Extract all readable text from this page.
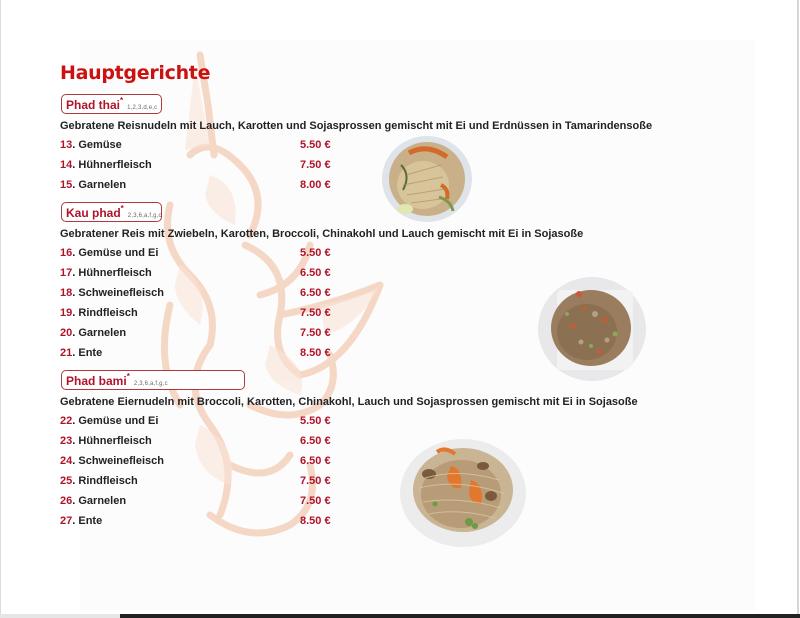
Hauptgerichte
Phad thai*1,2,3,d,e,c
Gebratene Reisnudeln mit Lauch, Karotten und Sojasprossen gemischt mit Ei und Erdnüssen in Tamarindensoße
13. Gemüse	5.50 €
14. Hühnerfleisch	7.50 €
15. Garnelen	8.00 €
Kau phad*2,3,6,a,f,g,c
Gebratener Reis mit Zwiebeln, Karotten, Broccoli, Chinakohl und Lauch gemischt mit Ei in Sojasoße
16. Gemüse und Ei	5.50 €
17. Hühnerfleisch	6.50 €
18. Schweinefleisch	6.50 €
19. Rindfleisch	7.50 €
20. Garnelen	7.50 €
21. Ente	8.50 €
Phad bami*2,3,6,a,f,g,c
Gebratene Eiernudeln mit Broccoli, Karotten, Chinakohl, Lauch und Sojasprossen gemischt mit Ei in Sojasoße
22. Gemüse und Ei	5.50 €
23. Hühnerfleisch	6.50 €
24. Schweinefleisch	6.50 €
25. Rindfleisch	7.50 €
26. Garnelen	7.50 €
27. Ente	8.50 €
